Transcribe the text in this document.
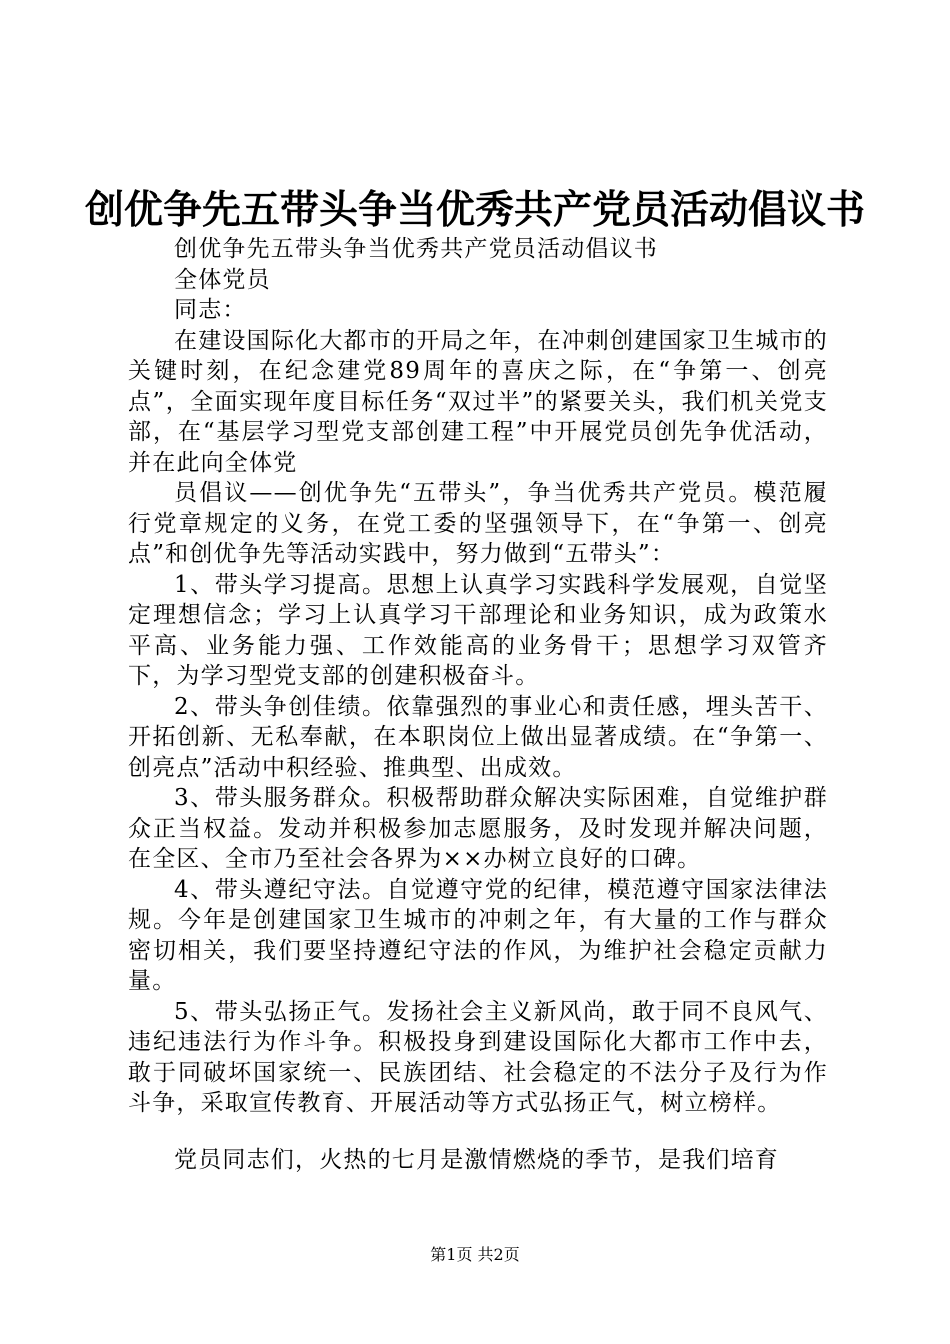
创优争先五带头争当优秀共产党员活动倡议书

创优争先五带头争当优秀共产党员活动倡议书

全体党员

同志：

在建设国际化大都市的开局之年，在冲刺创建国家卫生城市的关键时刻，在纪念建党89周年的喜庆之际，在“争第一、创亮点”，全面实现年度目标任务“双过半”的紧要关头，我们机关党支部，在“基层学习型党支部创建工程”中开展党员创先争优活动，并在此向全体党

员倡议——创优争先“五带头”，争当优秀共产党员。模范履行党章规定的义务，在党工委的坚强领导下，在“争第一、创亮点”和创优争先等活动实践中，努力做到“五带头”：

1、带头学习提高。思想上认真学习实践科学发展观，自觉坚定理想信念；学习上认真学习干部理论和业务知识，成为政策水平高、业务能力强、工作效能高的业务骨干；思想学习双管齐下，为学习型党支部的创建积极奋斗。

2、带头争创佳绩。依靠强烈的事业心和责任感，埋头苦干、开拓创新、无私奉献，在本职岗位上做出显著成绩。在“争第一、创亮点”活动中积经验、推典型、出成效。

3、带头服务群众。积极帮助群众解决实际困难，自觉维护群众正当权益。发动并积极参加志愿服务，及时发现并解决问题，在全区、全市乃至社会各界为××办树立良好的口碑。

4、带头遵纪守法。自觉遵守党的纪律，模范遵守国家法律法规。今年是创建国家卫生城市的冲刺之年，有大量的工作与群众密切相关，我们要坚持遵纪守法的作风，为维护社会稳定贡献力量。

5、带头弘扬正气。发扬社会主义新风尚，敢于同不良风气、违纪违法行为作斗争。积极投身到建设国际化大都市工作中去，敢于同破坏国家统一、民族团结、社会稳定的不法分子及行为作斗争，采取宣传教育、开展活动等方式弘扬正气，树立榜样。

党员同志们，火热的七月是激情燃烧的季节，是我们培育

第1页 共2页
